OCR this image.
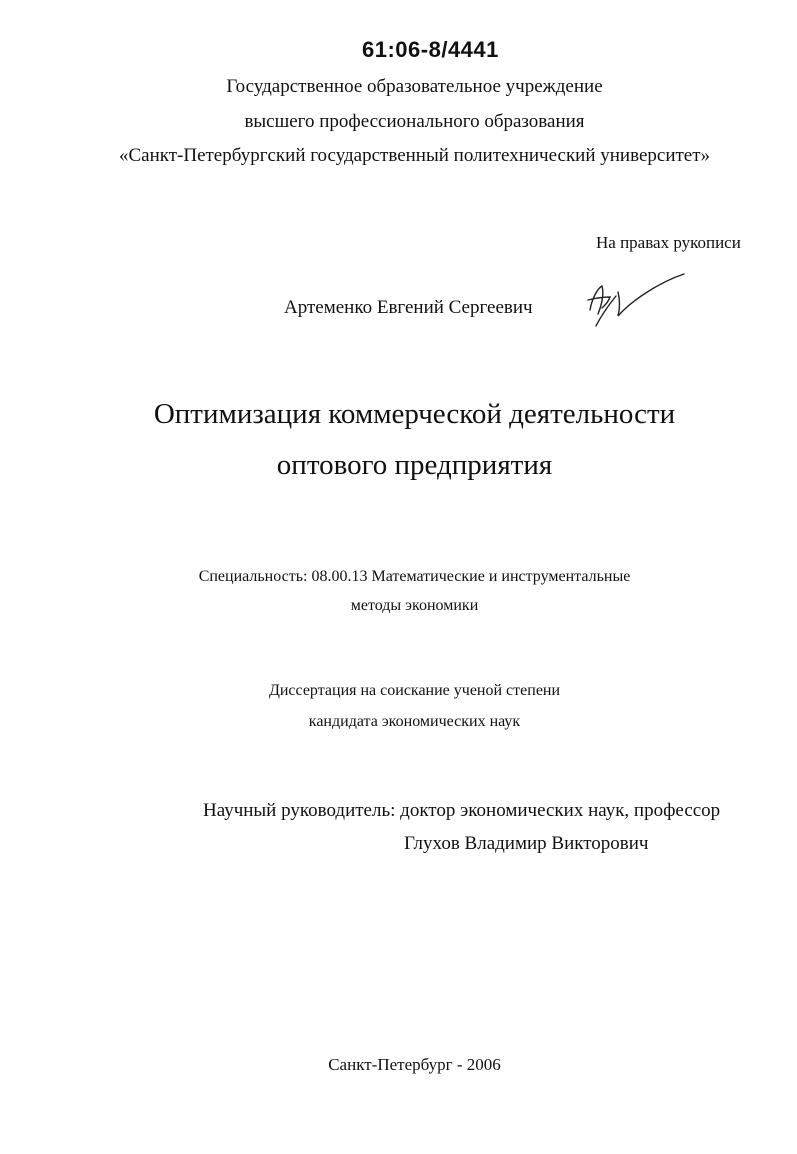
61:06-8/4441
Государственное образовательное учреждение
высшего профессионального образования
«Санкт-Петербургский государственный политехнический университет»
На правах рукописи
Артеменко Евгений Сергеевич
Оптимизация коммерческой деятельности
оптового предприятия
Специальность: 08.00.13 Математические и инструментальные
методы экономики
Диссертация на соискание ученой степени
кандидата экономических наук
Научный руководитель: доктор экономических наук, профессор
Глухов Владимир Викторович
Санкт-Петербург - 2006
